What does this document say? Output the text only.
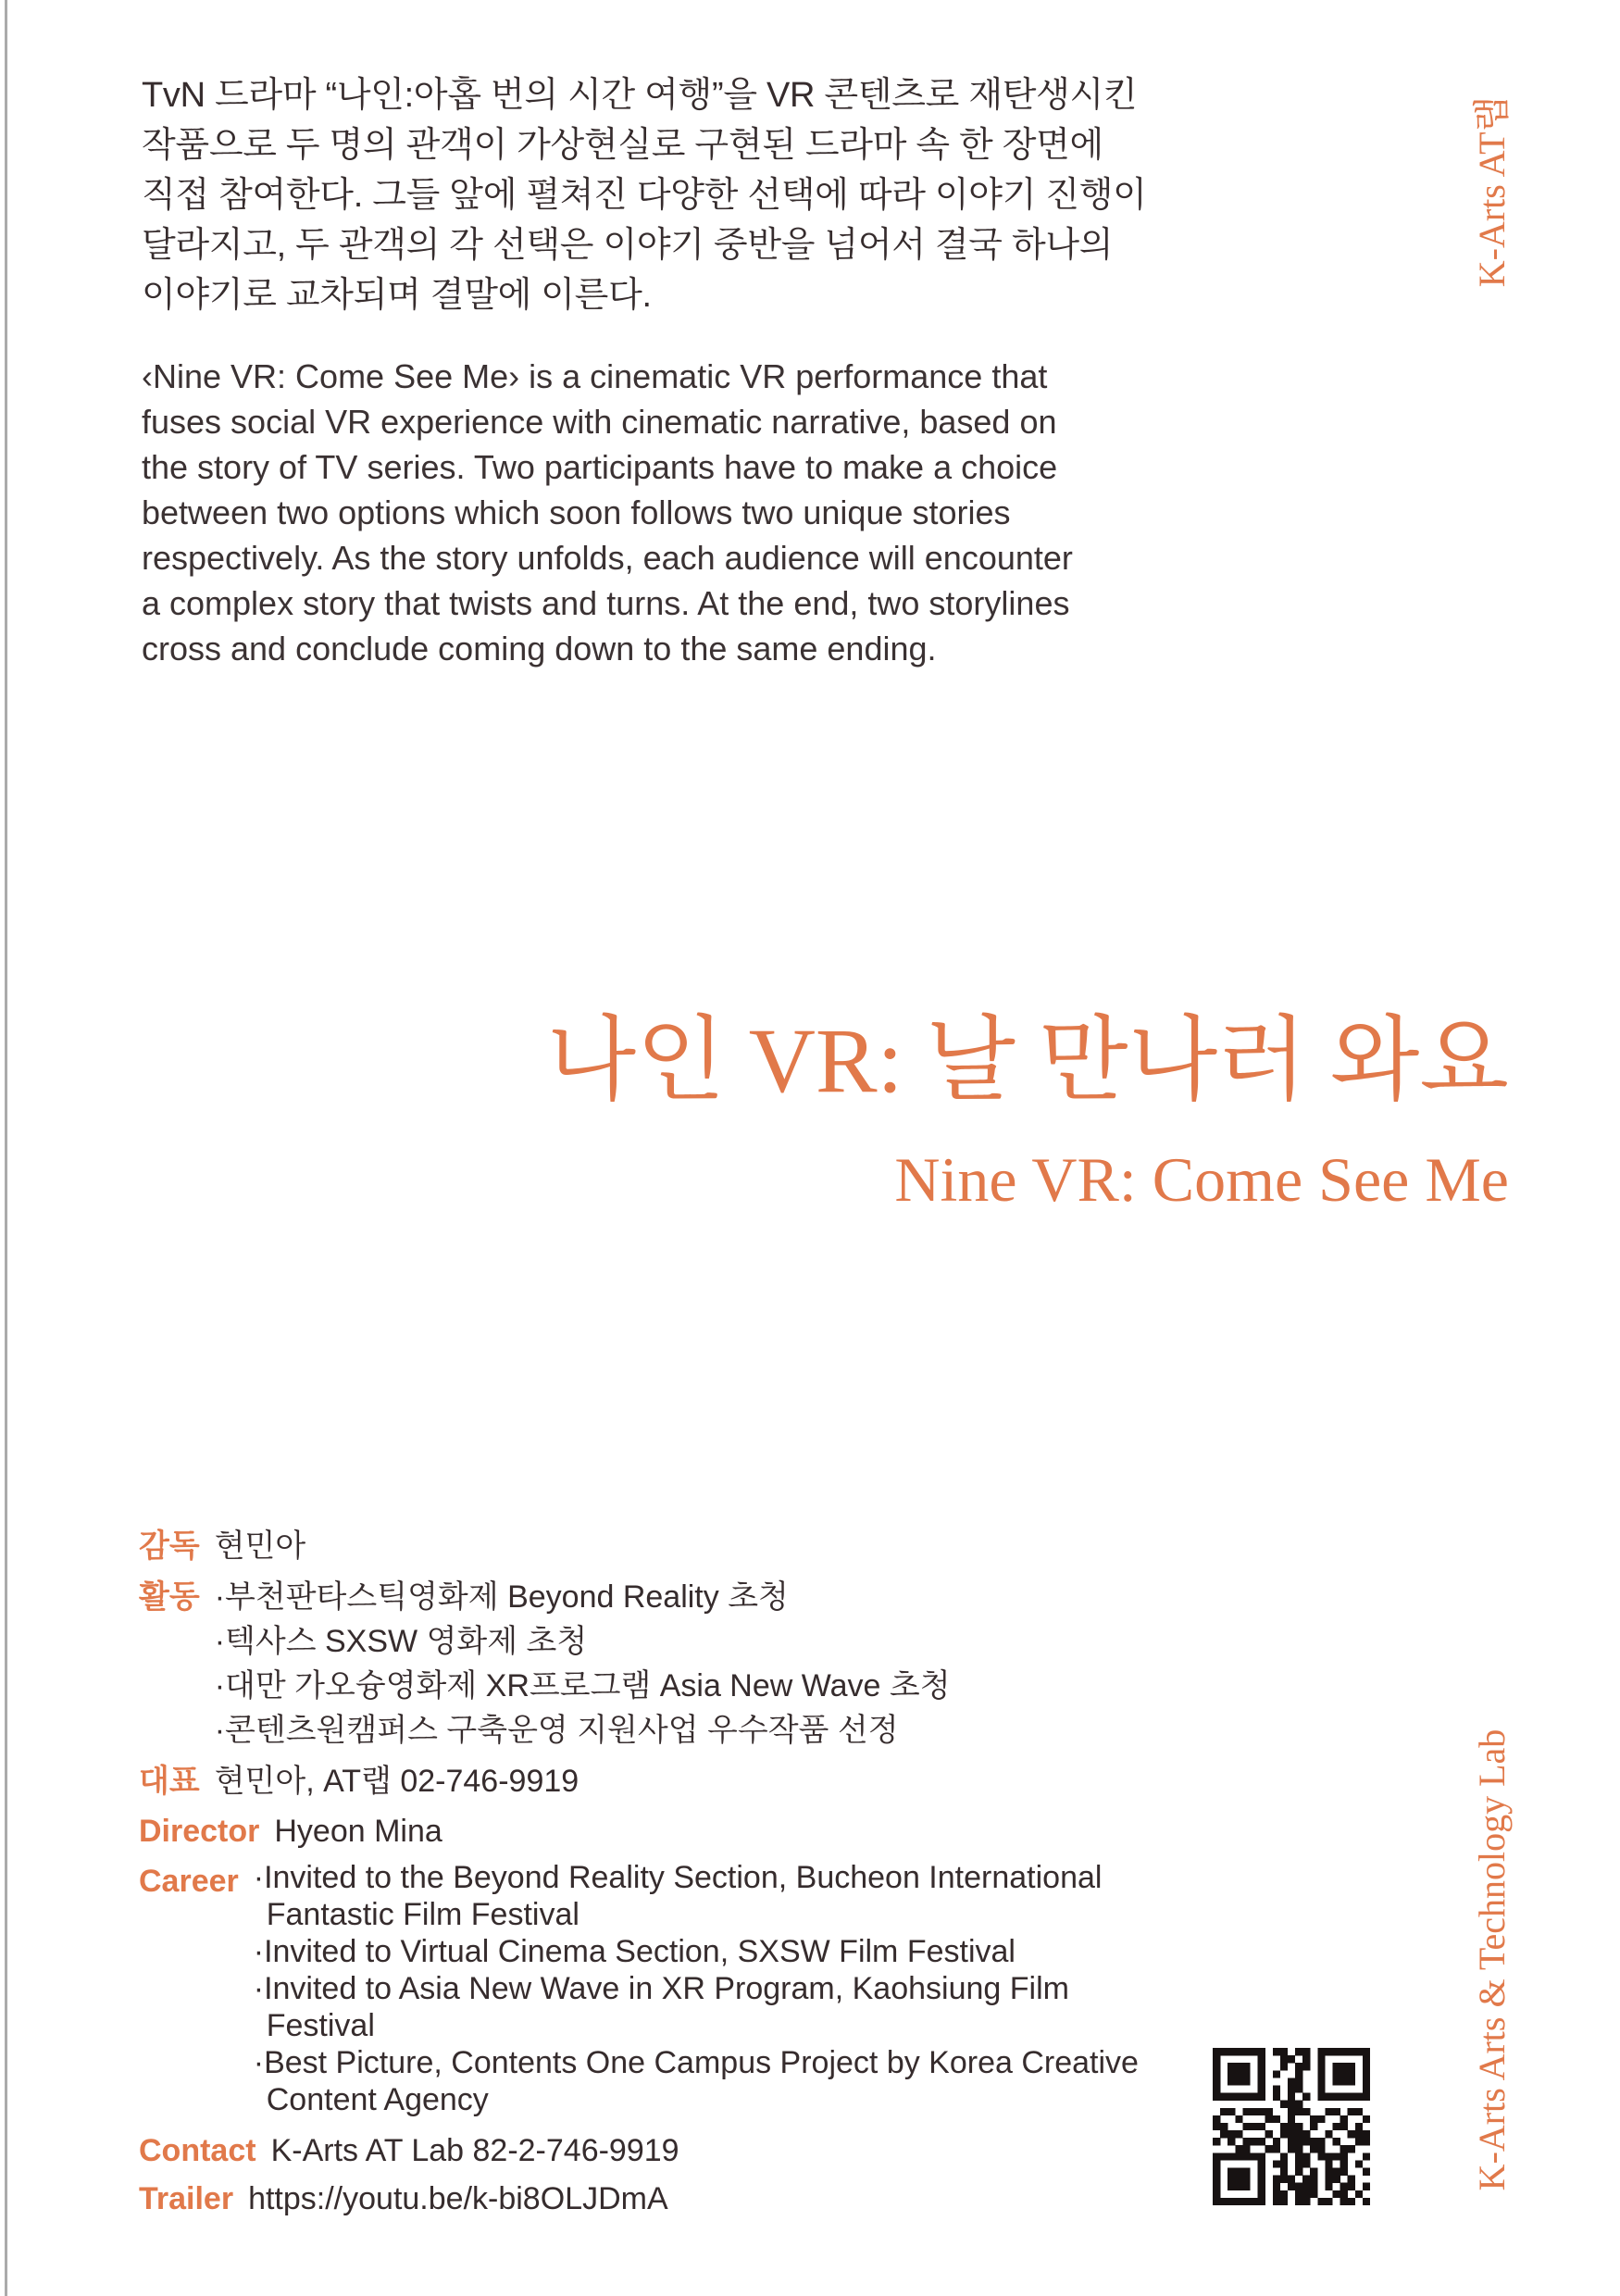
TvN 드라마 “나인:아홉 번의 시간 여행”을 VR 콘텐츠로 재탄생시킨
작품으로 두 명의 관객이 가상현실로 구현된 드라마 속 한 장면에
직접 참여한다. 그들 앞에 펼쳐진 다양한 선택에 따라 이야기 진행이
달라지고, 두 관객의 각 선택은 이야기 중반을 넘어서 결국 하나의
이야기로 교차되며 결말에 이른다.
‹Nine VR: Come See Me› is a cinematic VR performance that
fuses social VR experience with cinematic narrative, based on
the story of TV series. Two participants have to make a choice
between two options which soon follows two unique stories
respectively. As the story unfolds, each audience will encounter
a complex story that twists and turns. At the end, two storylines
cross and conclude coming down to the same ending.
나인 VR: 날 만나러 와요
Nine VR: Come See Me
감독 현민아
활동 ·부천판타스틱영화제 Beyond Reality 초청
·텍사스 SXSW 영화제 초청
·대만 가오슝영화제 XR프로그램 Asia New Wave 초청
·콘텐츠원캠퍼스 구축운영 지원사업 우수작품 선정
대표 현민아, AT랩 02-746-9919
Director Hyeon Mina
Career ·Invited to the Beyond Reality Section, Bucheon International
Fantastic Film Festival
·Invited to Virtual Cinema Section, SXSW Film Festival
·Invited to Asia New Wave in XR Program, Kaohsiung Film
Festival
·Best Picture, Contents One Campus Project by Korea Creative
Content Agency
Contact K-Arts AT Lab 82-2-746-9919
Trailer https://youtu.be/k-bi8OLJDmA
K-Arts AT랩
K-Arts Arts & Technology Lab
